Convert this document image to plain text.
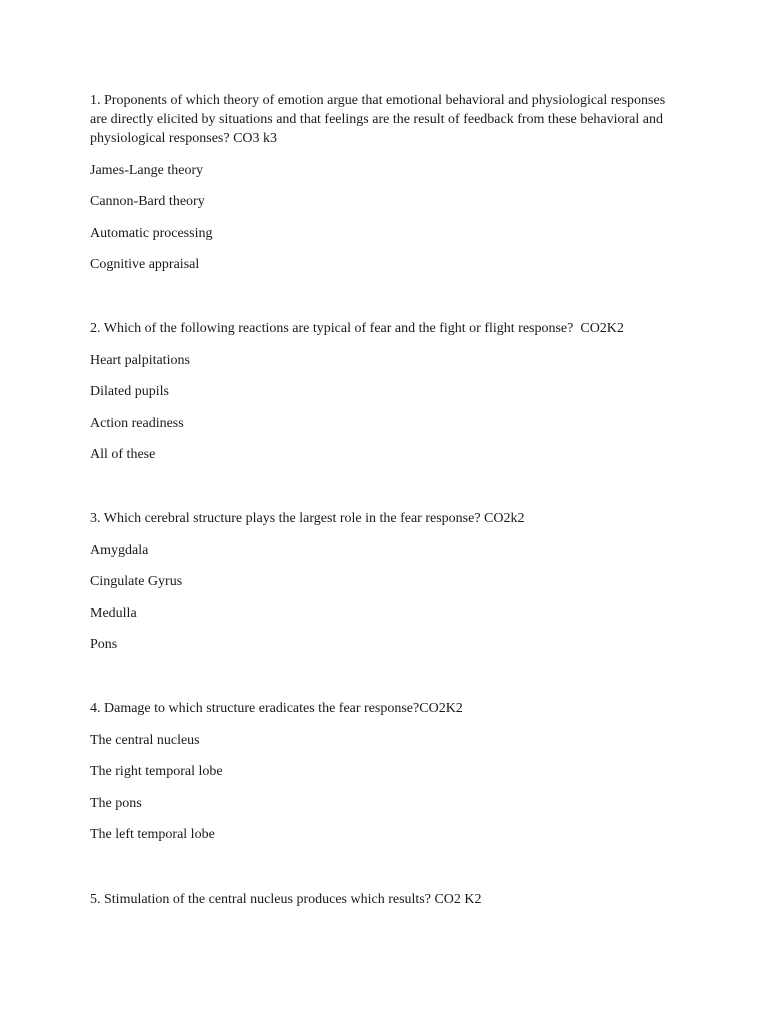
1. Proponents of which theory of emotion argue that emotional behavioral and physiological responses are directly elicited by situations and that feelings are the result of feedback from these behavioral and physiological responses? CO3 k3

James-Lange theory
Cannon-Bard theory
Automatic processing
Cognitive appraisal

2. Which of the following reactions are typical of fear and the fight or flight response?  CO2K2

Heart palpitations
Dilated pupils
Action readiness
All of these

3. Which cerebral structure plays the largest role in the fear response? CO2k2

Amygdala
Cingulate Gyrus
Medulla
Pons

4. Damage to which structure eradicates the fear response?CO2K2

The central nucleus
The right temporal lobe
The pons
The left temporal lobe

5. Stimulation of the central nucleus produces which results? CO2 K2
